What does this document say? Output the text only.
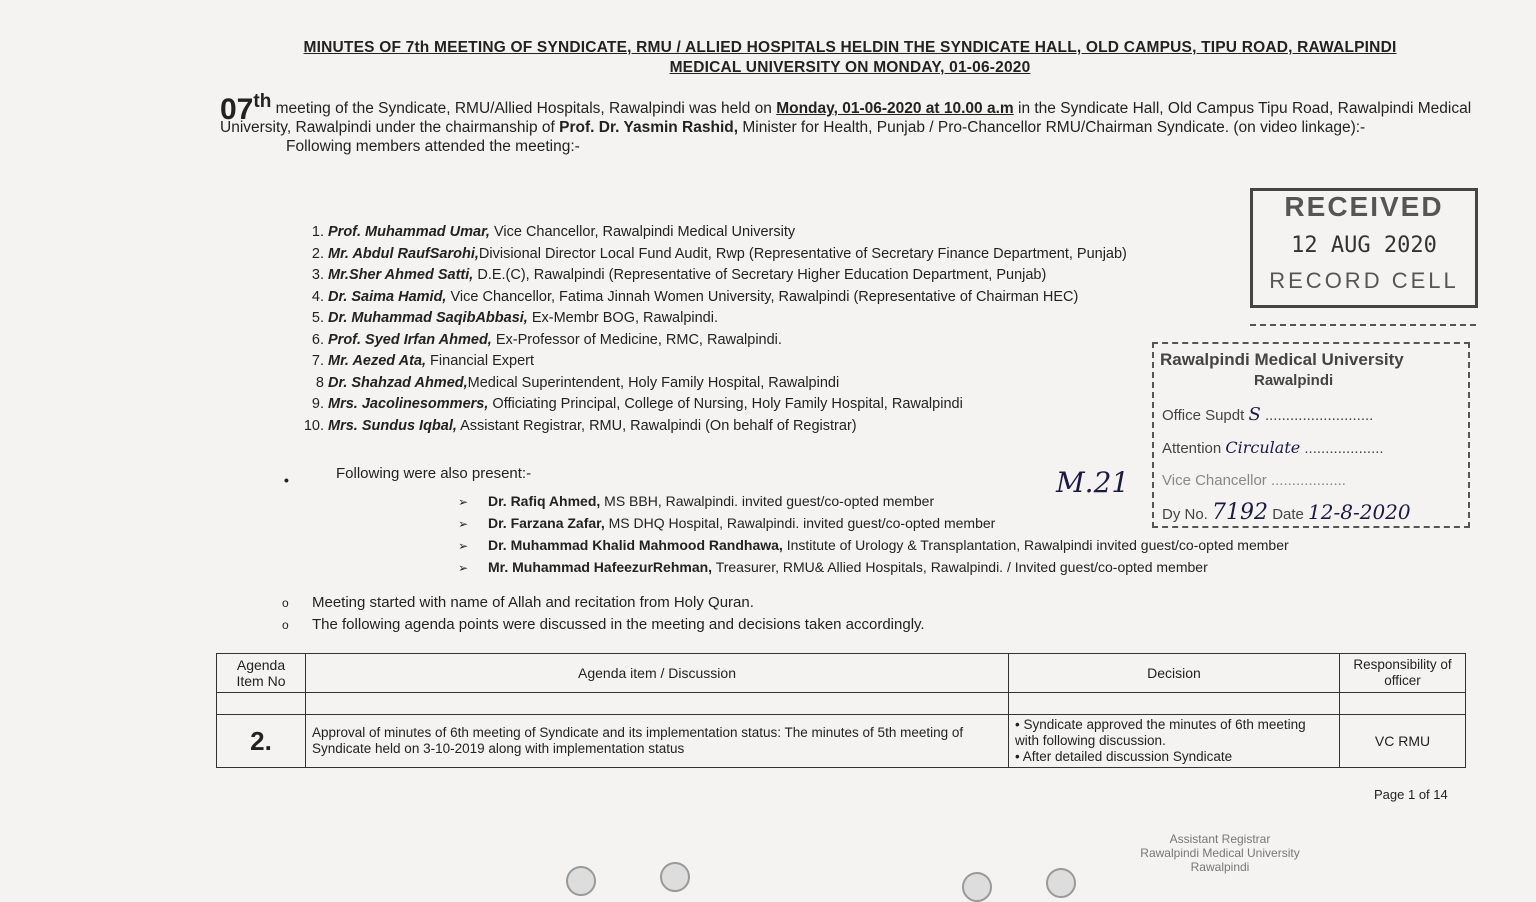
MINUTES OF 7th MEETING OF SYNDICATE, RMU / ALLIED HOSPITALS HELDIN THE SYNDICATE HALL, OLD CAMPUS, TIPU ROAD, RAWALPINDI
MEDICAL UNIVERSITY ON MONDAY, 01-06-2020
07th meeting of the Syndicate, RMU/Allied Hospitals, Rawalpindi was held on Monday, 01-06-2020 at 10.00 a.m in the Syndicate Hall, Old Campus Tipu Road, Rawalpindi Medical University, Rawalpindi under the chairmanship of Prof. Dr. Yasmin Rashid, Minister for Health, Punjab / Pro-Chancellor RMU/Chairman Syndicate. (on video linkage):-
Following members attended the meeting:-
1. Prof. Muhammad Umar, Vice Chancellor, Rawalpindi Medical University
2. Mr. Abdul RaufSarohi,Divisional Director Local Fund Audit, Rwp (Representative of Secretary Finance Department, Punjab)
3. Mr.Sher Ahmed Satti, D.E.(C), Rawalpindi (Representative of Secretary Higher Education Department, Punjab)
4. Dr. Saima Hamid, Vice Chancellor, Fatima Jinnah Women University, Rawalpindi (Representative of Chairman HEC)
5. Dr. Muhammad SaqibAbbasi, Ex-Membr BOG, Rawalpindi.
6. Prof. Syed Irfan Ahmed, Ex-Professor of Medicine, RMC, Rawalpindi.
7. Mr. Aezed Ata, Financial Expert
8 Dr. Shahzad Ahmed,Medical Superintendent, Holy Family Hospital, Rawalpindi
9. Mrs. Jacolinesommers, Officiating Principal, College of Nursing, Holy Family Hospital, Rawalpindi
10. Mrs. Sundus Iqbal, Assistant Registrar, RMU, Rawalpindi (On behalf of Registrar)
•	Following were also present:-
➢ Dr. Rafiq Ahmed, MS BBH, Rawalpindi. invited guest/co-opted member
➢ Dr. Farzana Zafar, MS DHQ Hospital, Rawalpindi. invited guest/co-opted member
➢ Dr. Muhammad Khalid Mahmood Randhawa, Institute of Urology & Transplantation, Rawalpindi invited guest/co-opted member
➢ Mr. Muhammad HafeezurRehman, Treasurer, RMU& Allied Hospitals, Rawalpindi. / Invited guest/co-opted member
M.21
o Meeting started with name of Allah and recitation from Holy Quran.
o The following agenda points were discussed in the meeting and decisions taken accordingly.
Agenda Item No	Agenda item / Discussion	Decision	Responsibility of officer

2.	Approval of minutes of 6th meeting of Syndicate and its implementation status: The minutes of 5th meeting of Syndicate held on 3-10-2019 along with implementation status	• Syndicate approved the minutes of 6th meeting with following discussion.
• After detailed discussion Syndicate	VC RMU
Page 1 of 14
RECEIVED
12 AUG 2020
RECORD CELL
Rawalpindi Medical University
Rawalpindi
Office Supdt S ..........................
Attention Circulate ...................
Vice Chancellor ..................
Dy No. 7192 Date 12-8-2020
Assistant Registrar
Rawalpindi Medical University
Rawalpindi
